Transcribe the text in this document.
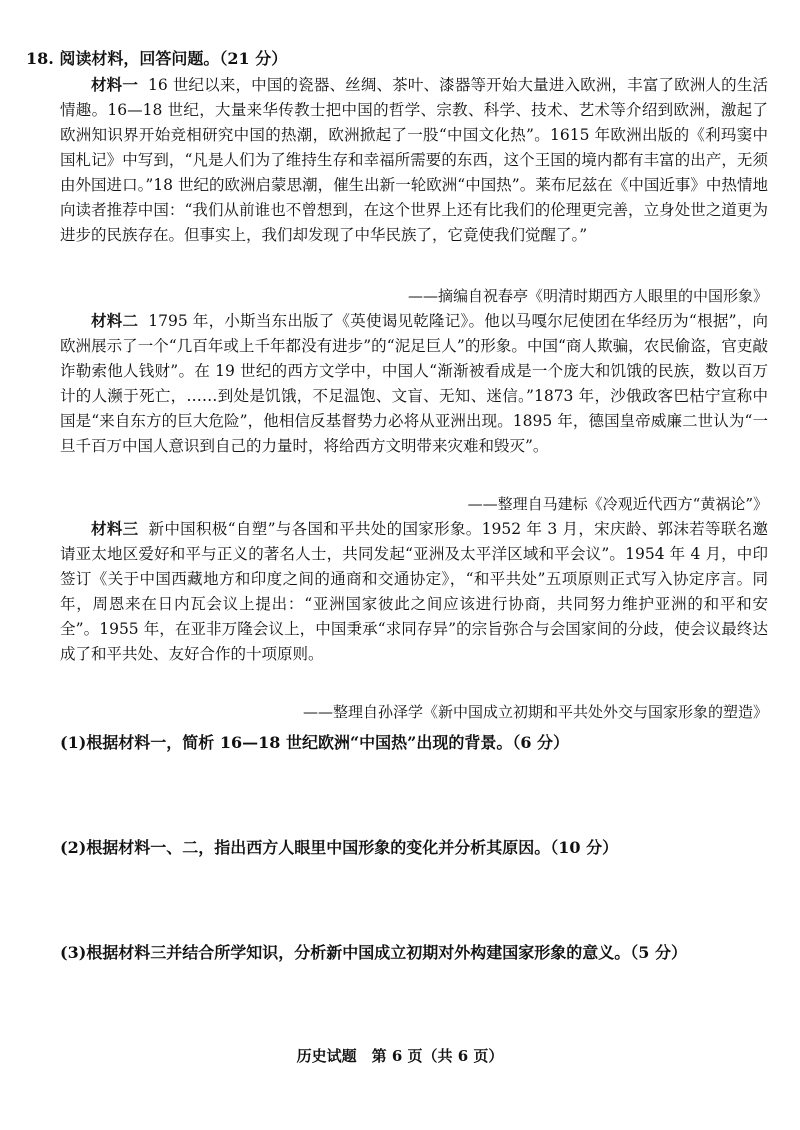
18. 阅读材料，回答问题。（21 分）
材料一 16 世纪以来，中国的瓷器、丝绸、茶叶、漆器等开始大量进入欧洲，丰富了欧洲人的生活情趣。16—18 世纪，大量来华传教士把中国的哲学、宗教、科学、技术、艺术等介绍到欧洲，激起了欧洲知识界开始竞相研究中国的热潮，欧洲掀起了一股“中国文化热”。1615 年欧洲出版的《利玛窦中国札记》中写到，“凡是人们为了维持生存和幸福所需要的东西，这个王国的境内都有丰富的出产，无须由外国进口。”18 世纪的欧洲启蒙思潮，催生出新一轮欧洲“中国热”。莱布尼兹在《中国近事》中热情地向读者推荐中国：“我们从前谁也不曾想到，在这个世界上还有比我们的伦理更完善，立身处世之道更为进步的民族存在。但事实上，我们却发现了中华民族了，它竟使我们觉醒了。”
——摘编自祝春亭《明清时期西方人眼里的中国形象》
材料二 1795 年，小斯当东出版了《英使谒见乾隆记》。他以马嘎尔尼使团在华经历为“根据”，向欧洲展示了一个“几百年或上千年都没有进步”的“泥足巨人”的形象。中国“商人欺骗，农民偷盗，官吏敲诈勒索他人钱财”。在 19 世纪的西方文学中，中国人“渐渐被看成是一个庞大和饥饿的民族，数以百万计的人濒于死亡，……到处是饥饿，不足温饱、文盲、无知、迷信。”1873 年，沙俄政客巴枯宁宣称中国是“来自东方的巨大危险”，他相信反基督势力必将从亚洲出现。1895 年，德国皇帝威廉二世认为“一旦千百万中国人意识到自己的力量时，将给西方文明带来灾难和毁灭”。
——整理自马建标《冷观近代西方“黄祸论”》
材料三 新中国积极“自塑”与各国和平共处的国家形象。1952 年 3 月，宋庆龄、郭沫若等联名邀请亚太地区爱好和平与正义的著名人士，共同发起“亚洲及太平洋区域和平会议”。1954 年 4 月，中印签订《关于中国西藏地方和印度之间的通商和交通协定》，“和平共处”五项原则正式写入协定序言。同年，周恩来在日内瓦会议上提出：“亚洲国家彼此之间应该进行协商，共同努力维护亚洲的和平和安全”。1955 年，在亚非万隆会议上，中国秉承“求同存异”的宗旨弥合与会国家间的分歧，使会议最终达成了和平共处、友好合作的十项原则。
——整理自孙泽学《新中国成立初期和平共处外交与国家形象的塑造》
(1)根据材料一，简析 16—18 世纪欧洲“中国热”出现的背景。（6 分）
(2)根据材料一、二，指出西方人眼里中国形象的变化并分析其原因。（10 分）
(3)根据材料三并结合所学知识，分析新中国成立初期对外构建国家形象的意义。（5 分）
历史试题　第 6 页（共 6 页）
